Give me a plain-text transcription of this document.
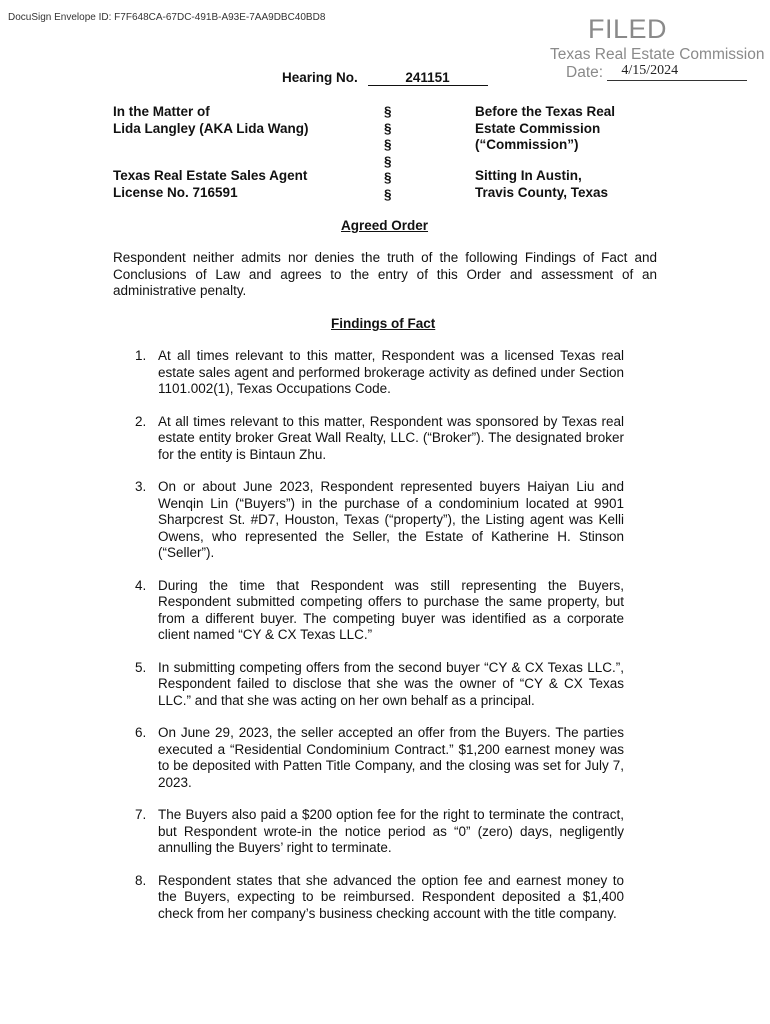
DocuSign Envelope ID: F7F648CA-67DC-491B-A93E-7AA9DBC40BD8	FILED
Texas Real Estate Commission
Date: 4/15/2024

Hearing No.	241151
In the Matter of
Lida Langley (AKA Lida Wang)
Texas Real Estate Sales Agent
License No. 716591
§
§
§
§
§
§
Before the Texas Real
Estate Commission
(“Commission”)
Sitting In Austin,
Travis County, Texas
Agreed Order
Respondent neither admits nor denies the truth of the following Findings of Fact and Conclusions of Law and agrees to the entry of this Order and assessment of an administrative penalty.
Findings of Fact
1. At all times relevant to this matter, Respondent was a licensed Texas real estate sales agent and performed brokerage activity as defined under Section 1101.002(1), Texas Occupations Code.
2. At all times relevant to this matter, Respondent was sponsored by Texas real estate entity broker Great Wall Realty, LLC. (“Broker”). The designated broker for the entity is Bintaun Zhu.
3. On or about June 2023, Respondent represented buyers Haiyan Liu and Wenqin Lin (“Buyers”) in the purchase of a condominium located at 9901 Sharpcrest St. #D7, Houston, Texas (“property”), the Listing agent was Kelli Owens, who represented the Seller, the Estate of Katherine H. Stinson (“Seller”).
4. During the time that Respondent was still representing the Buyers, Respondent submitted competing offers to purchase the same property, but from a different buyer. The competing buyer was identified as a corporate client named “CY & CX Texas LLC.”
5. In submitting competing offers from the second buyer “CY & CX Texas LLC.”, Respondent failed to disclose that she was the owner of “CY & CX Texas LLC.” and that she was acting on her own behalf as a principal.
6. On June 29, 2023, the seller accepted an offer from the Buyers. The parties executed a “Residential Condominium Contract.” $1,200 earnest money was to be deposited with Patten Title Company, and the closing was set for July 7, 2023.
7. The Buyers also paid a $200 option fee for the right to terminate the contract, but Respondent wrote-in the notice period as “0” (zero) days, negligently annulling the Buyers’ right to terminate.
8. Respondent states that she advanced the option fee and earnest money to the Buyers, expecting to be reimbursed. Respondent deposited a $1,400 check from her company’s business checking account with the title company.
